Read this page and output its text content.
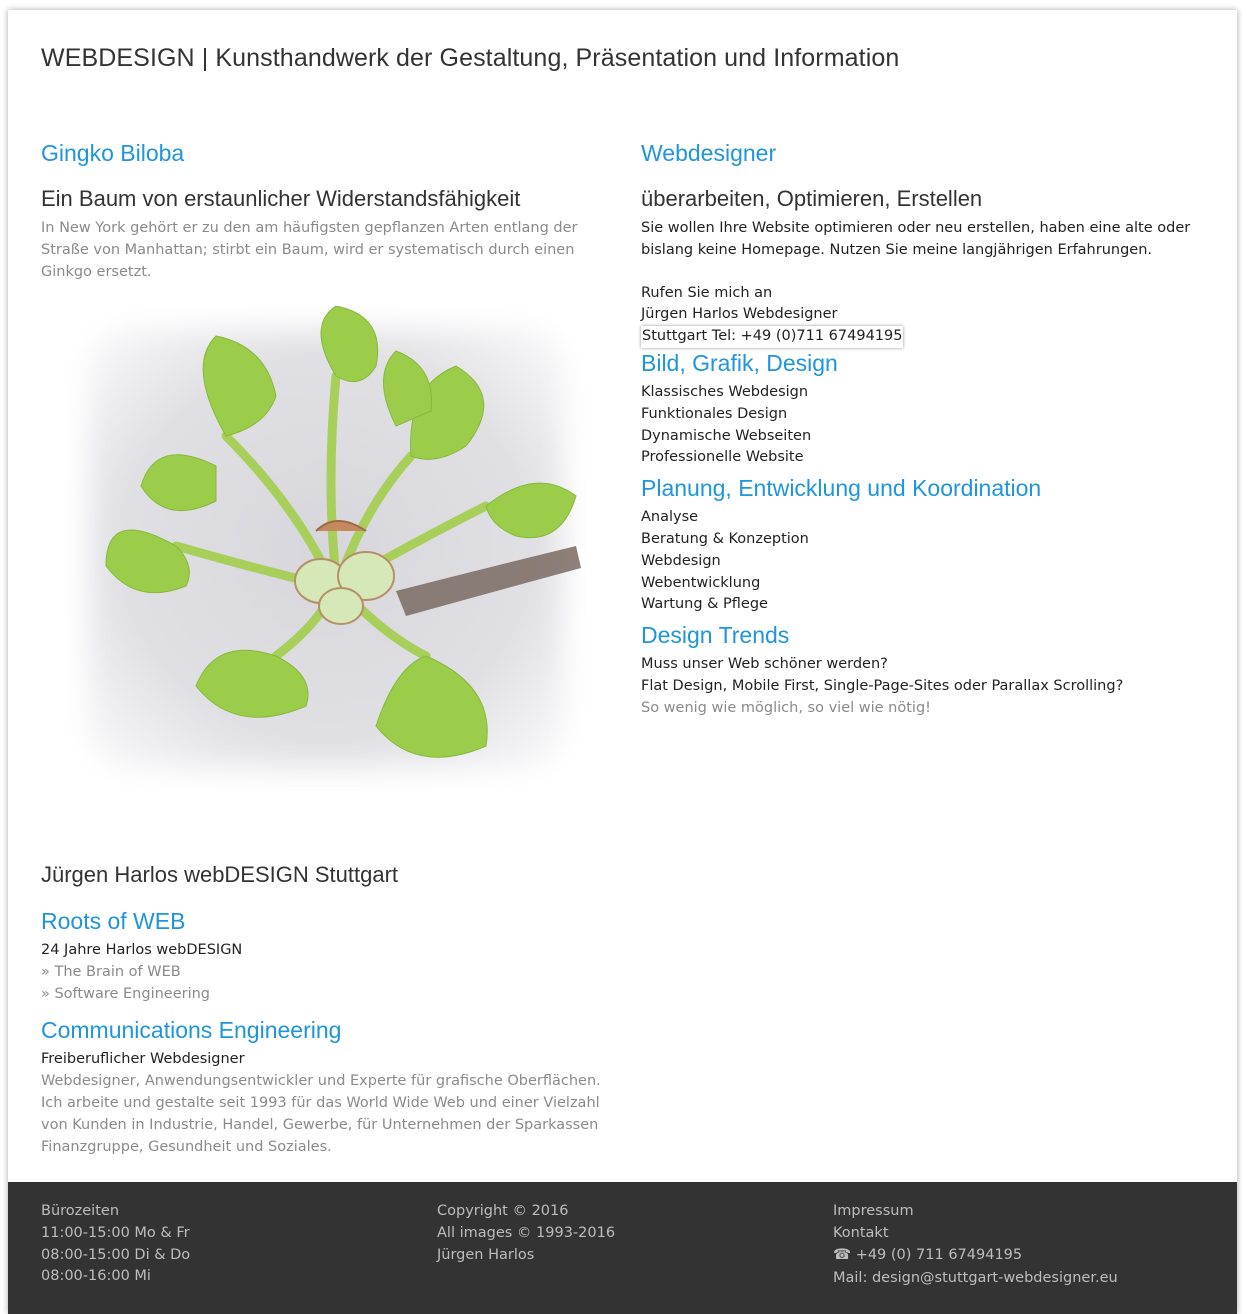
WEBDESIGN | Kunsthandwerk der Gestaltung, Präsentation und Information
Gingko Biloba
Ein Baum von erstaunlicher Widerstandsfähigkeit

In New York gehört er zu den am häufigsten gepflanzen Arten entlang der
Straße von Manhattan; stirbt ein Baum, wird er systematisch durch einen
Ginkgo ersetzt.

Jürgen Harlos webDESIGN Stuttgart
Roots of WEB

24 Jahre Harlos webDESIGN
» The Brain of WEB
» Software Engineering

Communications Engineering

Freiberuflicher Webdesigner
Webdesigner, Anwendungsentwickler und Experte für grafische Oberflächen.
Ich arbeite und gestalte seit 1993 für das World Wide Web und einer Vielzahl
von Kunden in Industrie, Handel, Gewerbe, für Unternehmen der Sparkassen
Finanzgruppe, Gesundheit und Soziales.

Webdesigner
überarbeiten, Optimieren, Erstellen

Sie wollen Ihre Website optimieren oder neu erstellen, haben eine alte oder
bislang keine Homepage. Nutzen Sie meine langjährigen Erfahrungen.

Rufen Sie mich an
Jürgen Harlos Webdesigner
Stuttgart Tel: +49 (0)711 67494195

Bild, Grafik, Design

Klassisches Webdesign
Funktionales Design
Dynamische Webseiten
Professionelle Website

Planung, Entwicklung und Koordination

Analyse
Beratung & Konzeption
Webdesign
Webentwicklung
Wartung & Pflege

Design Trends

Muss unser Web schöner werden?
Flat Design, Mobile First, Single-Page-Sites oder Parallax Scrolling?
So wenig wie möglich, so viel wie nötig!

Bürozeiten
11:00-15:00 Mo & Fr
08:00-15:00 Di & Do
08:00-16:00 Mi
Copyright © 2016
All images © 1993-2016
Jürgen Harlos
Impressum
Kontakt
☎ +49 (0) 711 67494195
Mail: design@stuttgart-webdesigner.eu
